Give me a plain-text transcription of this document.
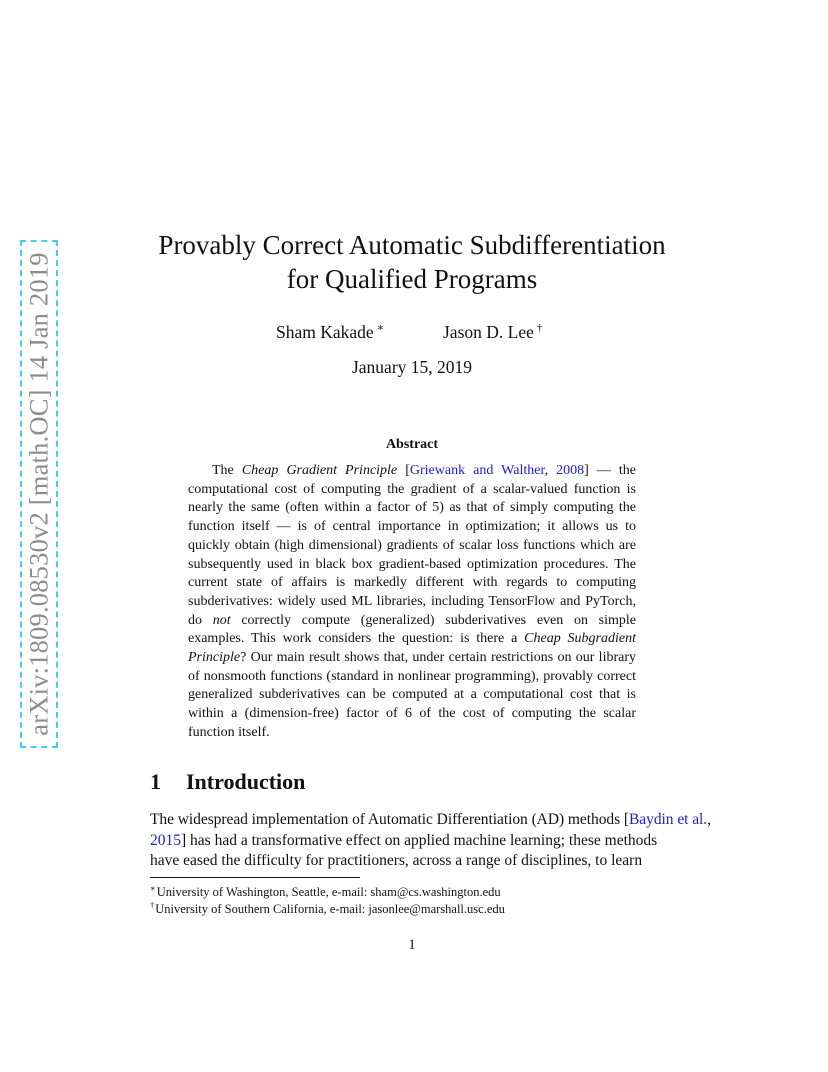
arXiv:1809.08530v2 [math.OC] 14 Jan 2019
Provably Correct Automatic Subdifferentiation
for Qualified Programs
Sham Kakade ∗	Jason D. Lee †
January 15, 2019
Abstract

The Cheap Gradient Principle [Griewank and Walther, 2008] — the computational cost of computing the gradient of a scalar-valued function is nearly the same (often within a factor of 5) as that of simply computing the function itself — is of central importance in optimization; it allows us to quickly obtain (high dimensional) gradients of scalar loss functions which are subsequently used in black box gradient-based optimization procedures. The current state of affairs is markedly different with regards to computing subderivatives: widely used ML libraries, including TensorFlow and PyTorch, do not correctly compute (generalized) subderivatives even on simple examples. This work considers the question: is there a Cheap Subgradient Principle? Our main result shows that, under certain restrictions on our library of nonsmooth functions (standard in nonlinear programming), provably correct generalized subderivatives can be computed at a computational cost that is within a (dimension-free) factor of 6 of the cost of computing the scalar function itself.

1 Introduction
The widespread implementation of Automatic Differentiation (AD) methods [Baydin et al.,
2015] has had a transformative effect on applied machine learning; these methods
have eased the difficulty for practitioners, across a range of disciplines, to learn
∗University of Washington, Seattle, e-mail: sham@cs.washington.edu
†University of Southern California, e-mail: jasonlee@marshall.usc.edu
1
